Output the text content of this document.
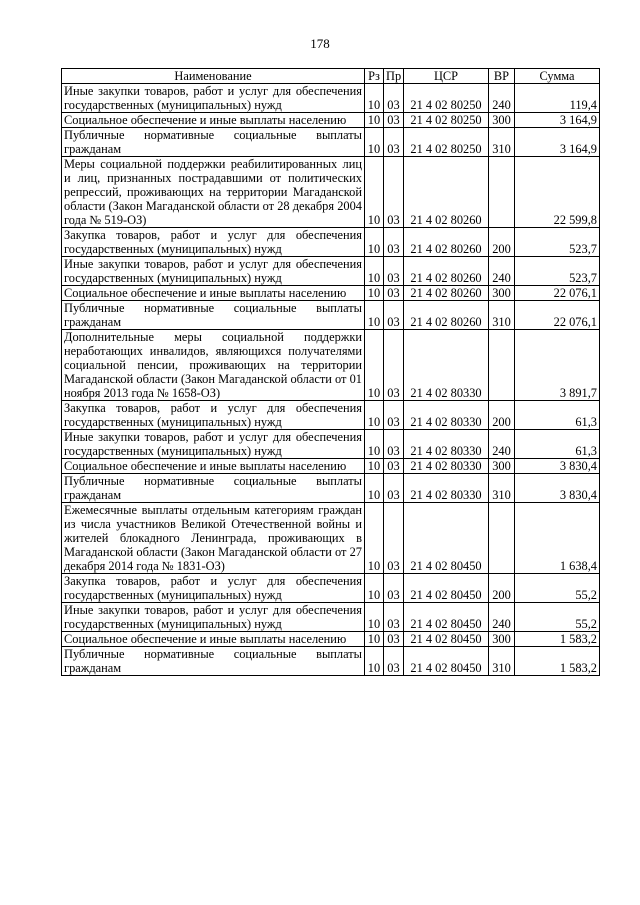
178
Наименование	Рз	Пр	ЦСР	ВР	Сумма
Иные закупки товаров, работ и услуг для обеспечения государственных (муниципальных) нужд	10	03	21 4 02 80250	240	119,4
Социальное обеспечение и иные выплаты населению	10	03	21 4 02 80250	300	3 164,9
Публичные нормативные социальные выплаты гражданам	10	03	21 4 02 80250	310	3 164,9
Меры социальной поддержки реабилитированных лиц и лиц, признанных пострадавшими от политических репрессий, проживающих на территории Магаданской области (Закон Магаданской области от 28 декабря 2004 года № 519-ОЗ)	10	03	21 4 02 80260		22 599,8
Закупка товаров, работ и услуг для обеспечения государственных (муниципальных) нужд	10	03	21 4 02 80260	200	523,7
Иные закупки товаров, работ и услуг для обеспечения государственных (муниципальных) нужд	10	03	21 4 02 80260	240	523,7
Социальное обеспечение и иные выплаты населению	10	03	21 4 02 80260	300	22 076,1
Публичные нормативные социальные выплаты гражданам	10	03	21 4 02 80260	310	22 076,1
Дополнительные меры социальной поддержки неработающих инвалидов, являющихся получателями социальной пенсии, проживающих на территории Магаданской области (Закон Магаданской области от 01 ноября 2013 года № 1658-ОЗ)	10	03	21 4 02 80330		3 891,7
Закупка товаров, работ и услуг для обеспечения государственных (муниципальных) нужд	10	03	21 4 02 80330	200	61,3
Иные закупки товаров, работ и услуг для обеспечения государственных (муниципальных) нужд	10	03	21 4 02 80330	240	61,3
Социальное обеспечение и иные выплаты населению	10	03	21 4 02 80330	300	3 830,4
Публичные нормативные социальные выплаты гражданам	10	03	21 4 02 80330	310	3 830,4
Ежемесячные выплаты отдельным категориям граждан из числа участников Великой Отечественной войны и жителей блокадного Ленинграда, проживающих в Магаданской области (Закон Магаданской области от 27 декабря 2014 года № 1831-ОЗ)	10	03	21 4 02 80450		1 638,4
Закупка товаров, работ и услуг для обеспечения государственных (муниципальных) нужд	10	03	21 4 02 80450	200	55,2
Иные закупки товаров, работ и услуг для обеспечения государственных (муниципальных) нужд	10	03	21 4 02 80450	240	55,2
Социальное обеспечение и иные выплаты населению	10	03	21 4 02 80450	300	1 583,2
Публичные нормативные социальные выплаты гражданам	10	03	21 4 02 80450	310	1 583,2
